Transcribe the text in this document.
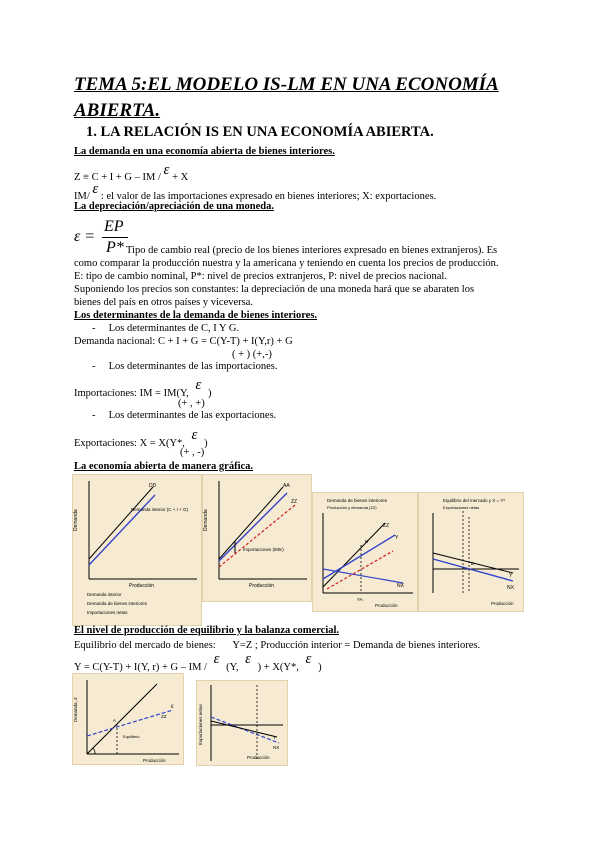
TEMA 5:EL MODELO IS-LM EN UNA ECONOMÍA
ABIERTA.
1. LA RELACIÓN IS EN UNA ECONOMÍA ABIERTA.
La demanda en una economía abierta de bienes interiores.
Z ≡ C + I + G – IM / ε + X
IM/ ε : el valor de las importaciones expresado en bienes interiores; X: exportaciones.
La depreciación/apreciación de una moneda.
ε =
EP
P* Tipo de cambio real (precio de los bienes interiores expresado en bienes extranjeros). Es
como comparar la producción nuestra y la americana y teniendo en cuenta los precios de producción.
E: tipo de cambio nominal, P*: nivel de precios extranjeros, P: nivel de precios nacional.
Suponiendo los precios son constantes: la depreciación de una moneda hará que se abaraten los
bienes del país en otros países y viceversa.
Los determinantes de la demanda de bienes interiores.
-     Los determinantes de C, I Y G.
Demanda nacional: C + I + G = C(Y-T) + I(Y,r) + G
( + ) (+,-)
-     Los determinantes de las importaciones.
Importaciones: IM = IM(Y, ε )
(+ , +)
-     Los determinantes de las exportaciones.
Exportaciones: X = X(Y*, ε )
(+ , -)
La economía abierta de manera gráfica.
Demanda
Producción
DD
Demanda interior (C + I + G)
Demanda interior
Demanda de bienes interiores
Importaciones netas
Demanda
Producción
AA
ZZ
Importaciones (IM/ε)
Demanda de bienes interiores
Producción y demanda (ZZ)
ZZ
Y
NX
YA
B
Producción
Equilibrio del mercado y X = Y*
Exportaciones netas
NX
Y
B
Producción
El nivel de producción de equilibrio y la balanza comercial.
Equilibrio del mercado de bienes: Y=Z ; Producción interior = Demanda de bienes interiores.
Y = C(Y-T) + I(Y, r) + G – IM / ε (Y, ε ) + X(Y*, ε )
Demanda, Z
Producción
ε
ZZ
A
Equilibrio	Exportaciones netas
Producción
NX
Y
